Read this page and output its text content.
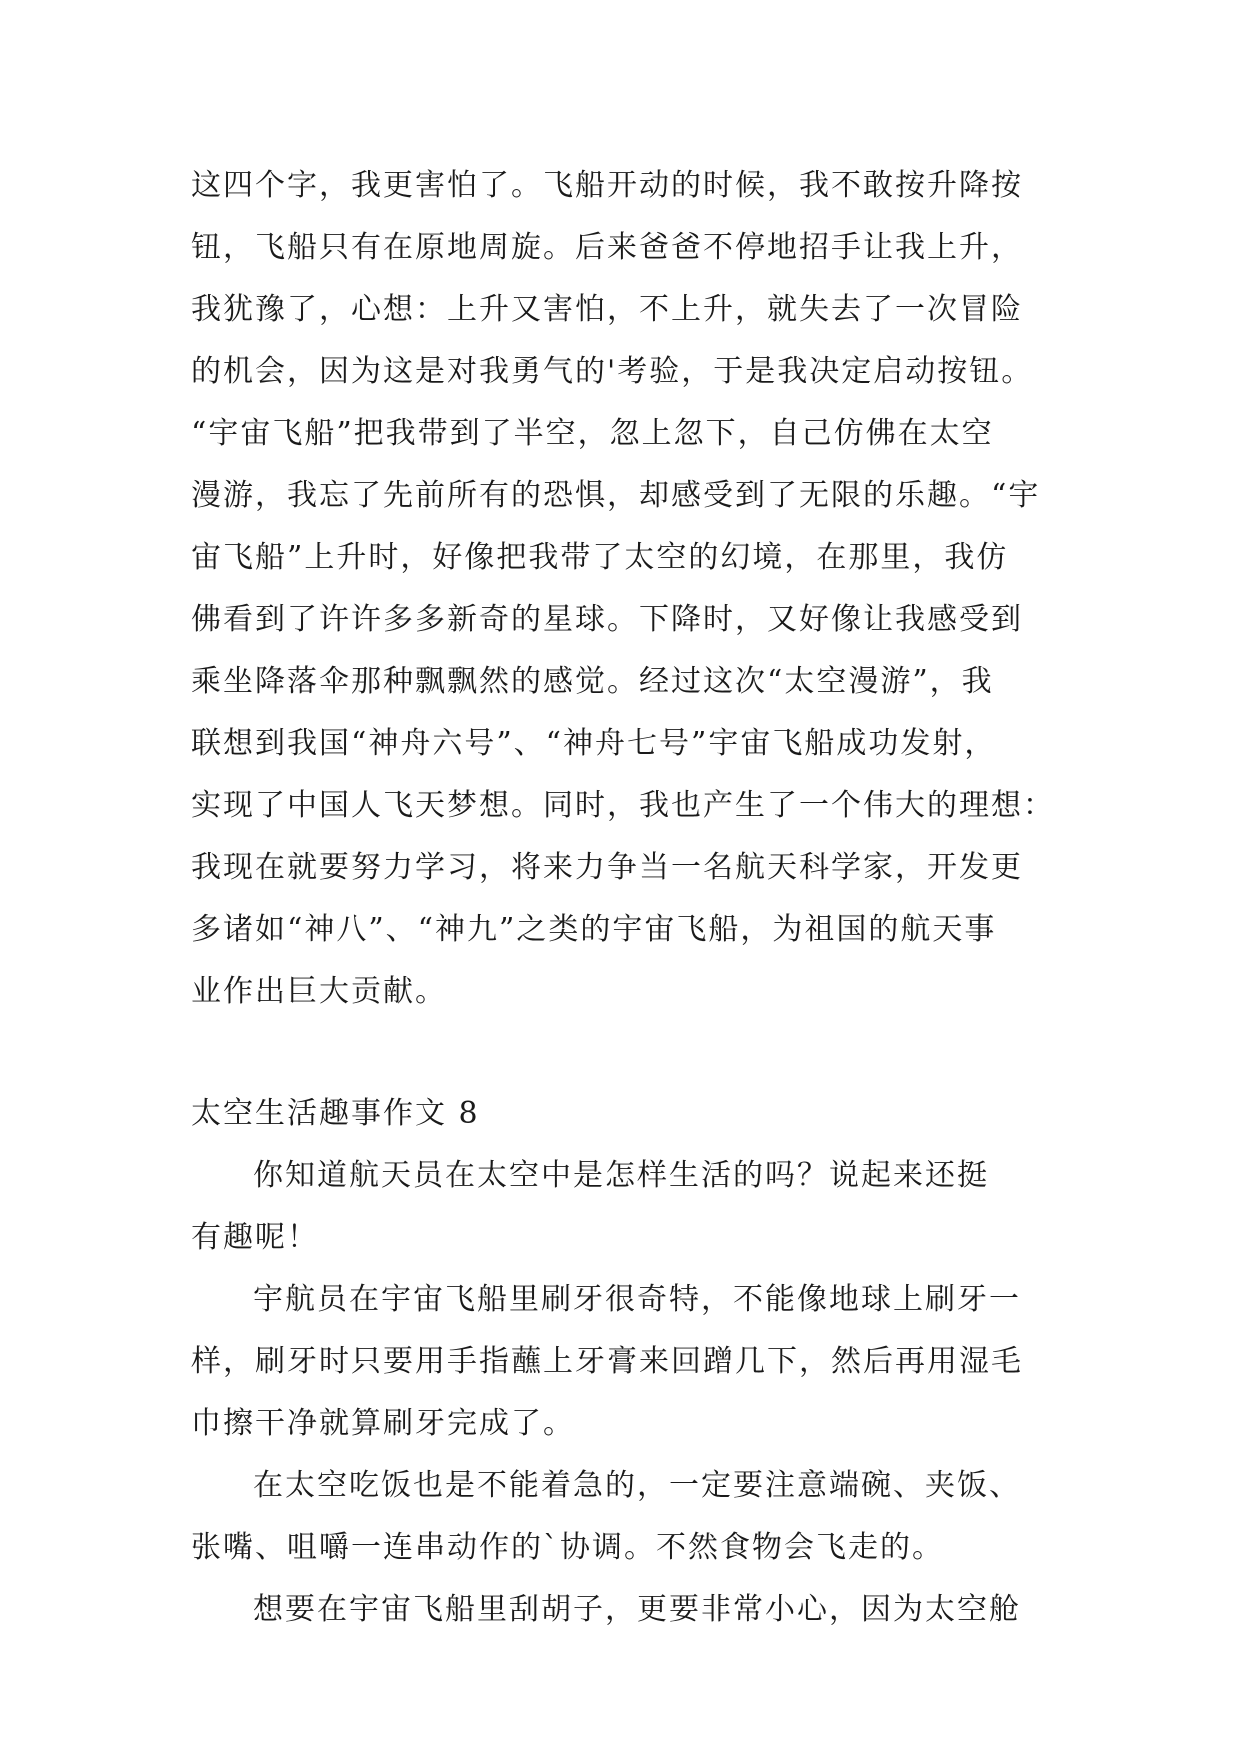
这四个字，我更害怕了。飞船开动的时候，我不敢按升降按
钮，飞船只有在原地周旋。后来爸爸不停地招手让我上升，
我犹豫了，心想：上升又害怕，不上升，就失去了一次冒险
的机会，因为这是对我勇气的'考验，于是我决定启动按钮。
“宇宙飞船”把我带到了半空，忽上忽下，自己仿佛在太空
漫游，我忘了先前所有的恐惧，却感受到了无限的乐趣。“宇
宙飞船”上升时，好像把我带了太空的幻境，在那里，我仿
佛看到了许许多多新奇的星球。下降时，又好像让我感受到
乘坐降落伞那种飘飘然的感觉。经过这次“太空漫游”，我
联想到我国“神舟六号”、“神舟七号”宇宙飞船成功发射，
实现了中国人飞天梦想。同时，我也产生了一个伟大的理想：
我现在就要努力学习，将来力争当一名航天科学家，开发更
多诸如“神八”、“神九”之类的宇宙飞船，为祖国的航天事
业作出巨大贡献。
太空生活趣事作文 8
你知道航天员在太空中是怎样生活的吗？说起来还挺
有趣呢！
宇航员在宇宙飞船里刷牙很奇特，不能像地球上刷牙一
样，刷牙时只要用手指蘸上牙膏来回蹭几下，然后再用湿毛
巾擦干净就算刷牙完成了。
在太空吃饭也是不能着急的，一定要注意端碗、夹饭、
张嘴、咀嚼一连串动作的`协调。不然食物会飞走的。
想要在宇宙飞船里刮胡子，更要非常小心，因为太空舱
